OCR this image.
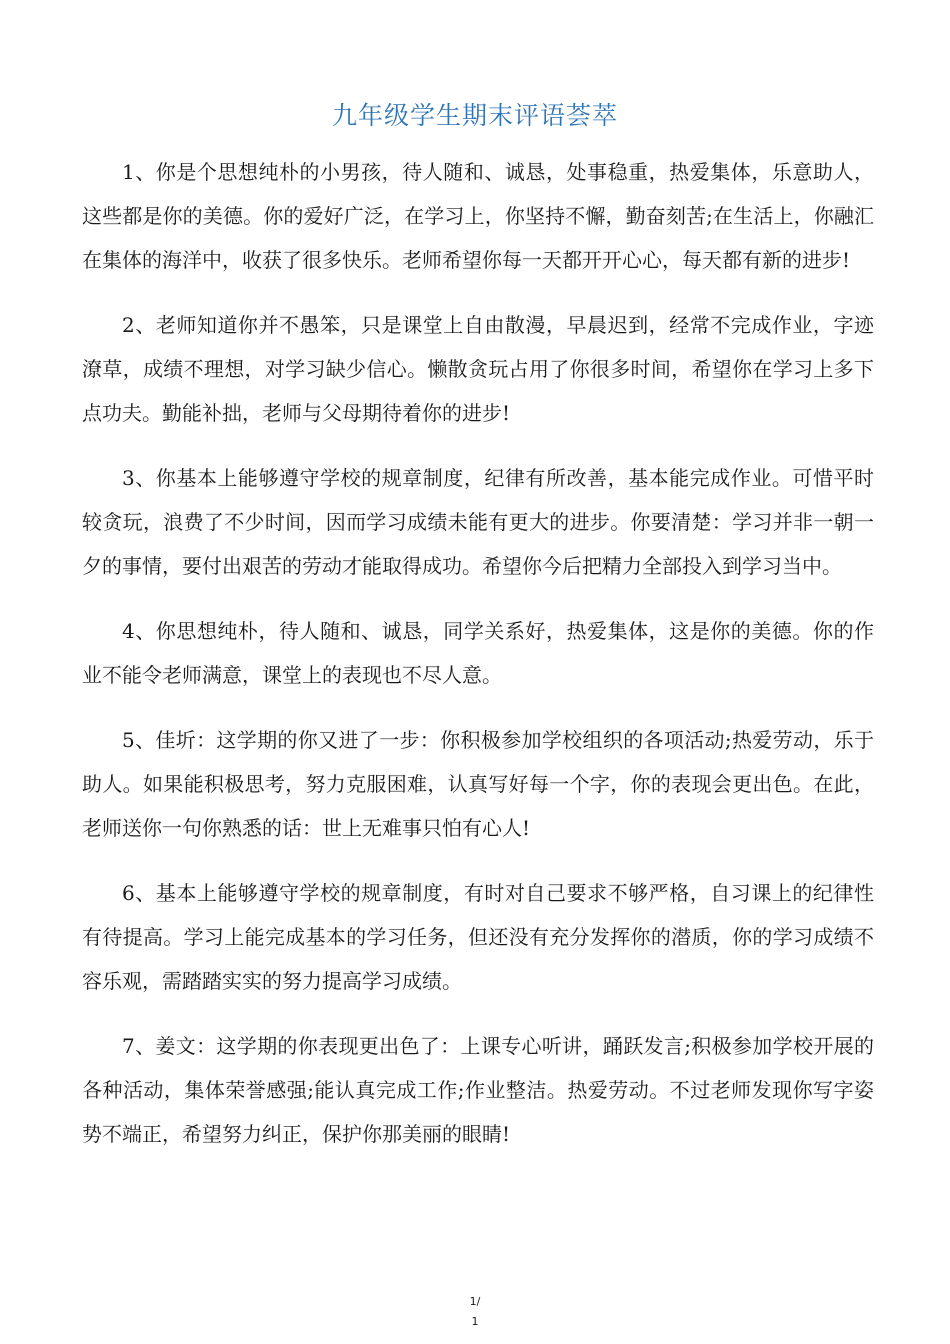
九年级学生期末评语荟萃

1、你是个思想纯朴的小男孩，待人随和、诚恳，处事稳重，热爱集体，乐意助人，这些都是你的美德。你的爱好广泛，在学习上，你坚持不懈，勤奋刻苦;在生活上，你融汇在集体的海洋中，收获了很多快乐。老师希望你每一天都开开心心，每天都有新的进步!

2、老师知道你并不愚笨，只是课堂上自由散漫，早晨迟到，经常不完成作业，字迹潦草，成绩不理想，对学习缺少信心。懒散贪玩占用了你很多时间，希望你在学习上多下点功夫。勤能补拙，老师与父母期待着你的进步!

3、你基本上能够遵守学校的规章制度，纪律有所改善，基本能完成作业。可惜平时较贪玩，浪费了不少时间，因而学习成绩未能有更大的进步。你要清楚：学习并非一朝一夕的事情，要付出艰苦的劳动才能取得成功。希望你今后把精力全部投入到学习当中。

4、你思想纯朴，待人随和、诚恳，同学关系好，热爱集体，这是你的美德。你的作业不能令老师满意，课堂上的表现也不尽人意。

5、佳圻：这学期的你又进了一步：你积极参加学校组织的各项活动;热爱劳动，乐于助人。如果能积极思考，努力克服困难，认真写好每一个字，你的表现会更出色。在此，老师送你一句你熟悉的话：世上无难事只怕有心人!

6、基本上能够遵守学校的规章制度，有时对自己要求不够严格，自习课上的纪律性有待提高。学习上能完成基本的学习任务，但还没有充分发挥你的潜质，你的学习成绩不容乐观，需踏踏实实的努力提高学习成绩。

7、姜文：这学期的你表现更出色了：上课专心听讲，踊跃发言;积极参加学校开展的各种活动，集体荣誉感强;能认真完成工作;作业整洁。热爱劳动。不过老师发现你写字姿势不端正，希望努力纠正，保护你那美丽的眼睛!

1/
1
